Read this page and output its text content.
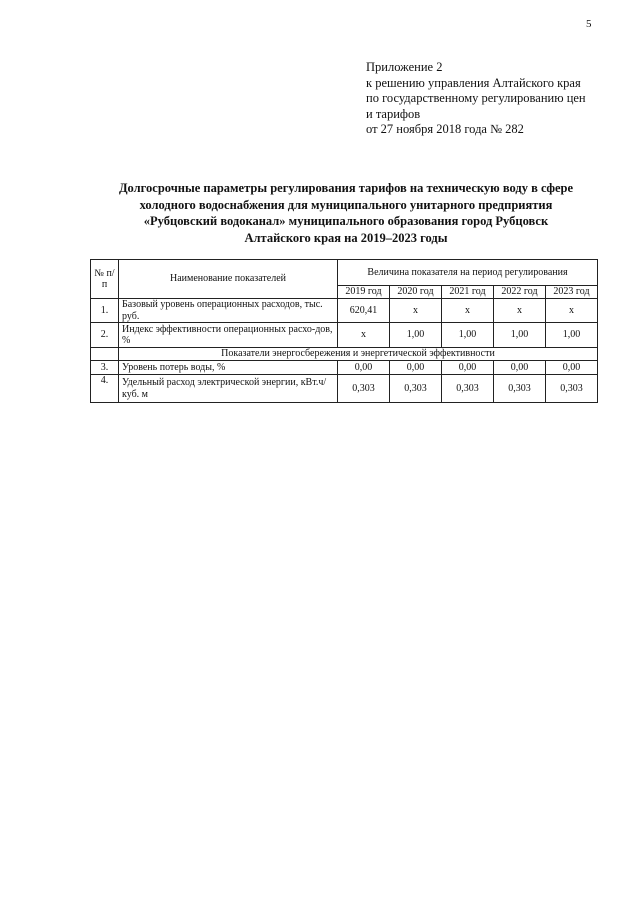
5
Приложение 2
к решению управления Алтайского края
по государственному регулированию цен
и тарифов
от 27 ноября 2018 года № 282
Долгосрочные параметры регулирования тарифов на техническую воду в сфере
холодного водоснабжения для муниципального унитарного предприятия
«Рубцовский водоканал» муниципального образования город Рубцовск
Алтайского края на 2019–2023 годы
№ п/п	Наименование показателей	Величина показателя на период регулирования				
		2019 год	2020 год	2021 год	2022 год	2023 год
1.	Базовый уровень операционных расходов, тыс. руб.	620,41	х	х	х	х
2.	Индекс эффективности операционных расхо-дов, %	х	1,00	1,00	1,00	1,00
	Показатели энергосбережения и энергетической эффективности					
3.	Уровень потерь воды, %	0,00	0,00	0,00	0,00	0,00
4.	Удельный расход электрической энергии, кВт.ч/куб. м	0,303	0,303	0,303	0,303	0,303
